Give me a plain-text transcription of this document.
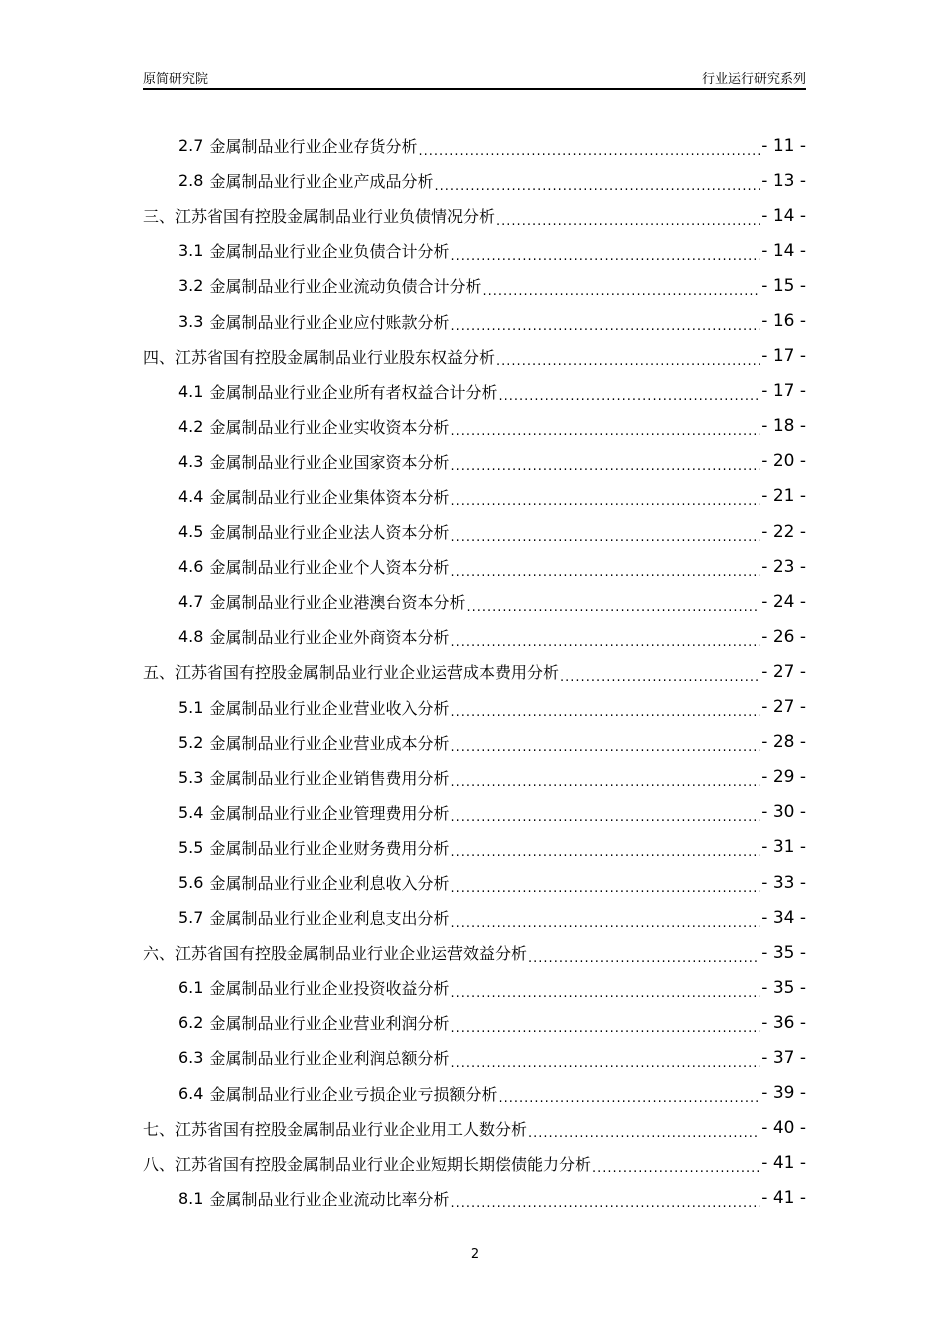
原简研究院	行业运行研究系列
2.7 金属制品业行业企业存货分析 .....	- 11 -
2.8 金属制品业行业企业产成品分析 .....	- 13 -
三、 江苏省国有控股金属制品业行业负债情况分析 .....	- 14 -
3.1 金属制品业行业企业负债合计分析 .....	- 14 -
3.2 金属制品业行业企业流动负债合计分析 .....	- 15 -
3.3 金属制品业行业企业应付账款分析 .....	- 16 -
四、 江苏省国有控股金属制品业行业股东权益分析 .....	- 17 -
4.1 金属制品业行业企业所有者权益合计分析 .....	- 17 -
4.2 金属制品业行业企业实收资本分析 .....	- 18 -
4.3 金属制品业行业企业国家资本分析 .....	- 20 -
4.4 金属制品业行业企业集体资本分析 .....	- 21 -
4.5 金属制品业行业企业法人资本分析 .....	- 22 -
4.6 金属制品业行业企业个人资本分析 .....	- 23 -
4.7 金属制品业行业企业港澳台资本分析 .....	- 24 -
4.8 金属制品业行业企业外商资本分析 .....	- 26 -
五、 江苏省国有控股金属制品业行业企业运营成本费用分析 .....	- 27 -
5.1 金属制品业行业企业营业收入分析 .....	- 27 -
5.2 金属制品业行业企业营业成本分析 .....	- 28 -
5.3 金属制品业行业企业销售费用分析 .....	- 29 -
5.4 金属制品业行业企业管理费用分析 .....	- 30 -
5.5 金属制品业行业企业财务费用分析 .....	- 31 -
5.6 金属制品业行业企业利息收入分析 .....	- 33 -
5.7 金属制品业行业企业利息支出分析 .....	- 34 -
六、 江苏省国有控股金属制品业行业企业运营效益分析 .....	- 35 -
6.1 金属制品业行业企业投资收益分析 .....	- 35 -
6.2 金属制品业行业企业营业利润分析 .....	- 36 -
6.3 金属制品业行业企业利润总额分析 .....	- 37 -
6.4 金属制品业行业企业亏损企业亏损额分析 .....	- 39 -
七、 江苏省国有控股金属制品业行业企业用工人数分析 .....	- 40 -
八、 江苏省国有控股金属制品业行业企业短期长期偿债能力分析 .....	- 41 -
8.1 金属制品业行业企业流动比率分析 .....	- 41 -
2
